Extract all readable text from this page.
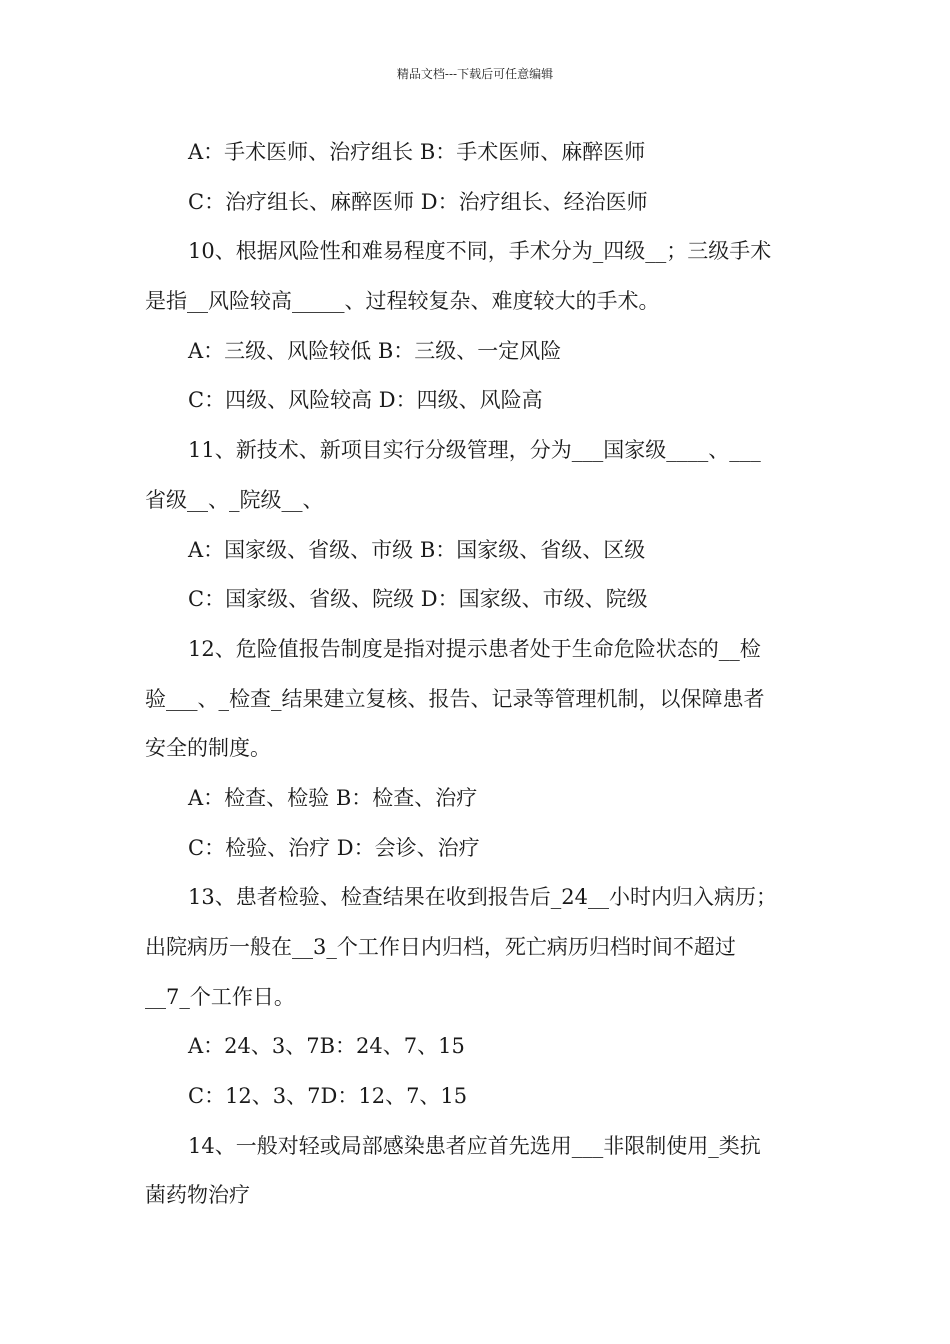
精品文档---下载后可任意编辑
A：手术医师、治疗组长 B：手术医师、麻醉医师
C：治疗组长、麻醉医师 D：治疗组长、经治医师
10、根据风险性和难易程度不同，手术分为_四级__；三级手术
是指__风险较高_____、过程较复杂、难度较大的手术。
A：三级、风险较低 B：三级、一定风险
C：四级、风险较高 D：四级、风险高
11、新技术、新项目实行分级管理，分为___国家级____、___
省级__、_院级__、
A：国家级、省级、市级 B：国家级、省级、区级
C：国家级、省级、院级 D：国家级、市级、院级
12、危险值报告制度是指对提示患者处于生命危险状态的__检
验___、_检查_结果建立复核、报告、记录等管理机制，以保障患者
安全的制度。
A：检查、检验 B：检查、治疗
C：检验、治疗 D：会诊、治疗
13、患者检验、检查结果在收到报告后_24__小时内归入病历；
出院病历一般在__3_个工作日内归档，死亡病历归档时间不超过
__7_个工作日。
A：24、3、7B：24、7、15
C：12、3、7D：12、7、15
14、一般对轻或局部感染患者应首先选用___非限制使用_类抗
菌药物治疗
